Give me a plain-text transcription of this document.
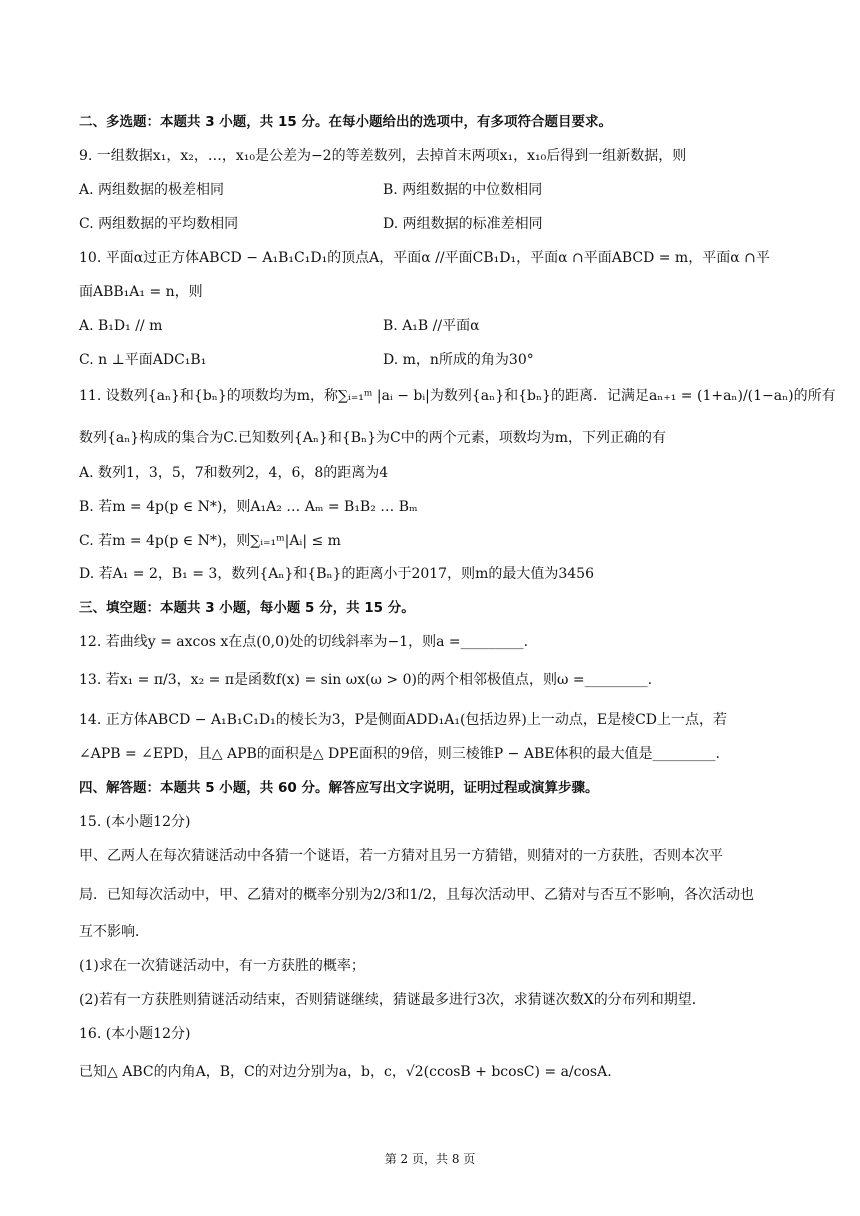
二、多选题：本题共 3 小题，共 15 分。在每小题给出的选项中，有多项符合题目要求。
9. 一组数据x₁，x₂，…，x₁₀是公差为−2的等差数列，去掉首末两项x₁，x₁₀后得到一组新数据，则
A. 两组数据的极差相同	B. 两组数据的中位数相同
C. 两组数据的平均数相同	D. 两组数据的标准差相同
10. 平面α过正方体ABCD − A₁B₁C₁D₁的顶点A，平面α //平面CB₁D₁，平面α ∩平面ABCD = m，平面α ∩平
面ABB₁A₁ = n，则
A. B₁D₁ // m	B. A₁B //平面α
C. n ⊥平面ADC₁B₁	D. m，n所成的角为30°
11. 设数列{aₙ}和{bₙ}的项数均为m，称∑ᵢ₌₁ᵐ |aᵢ − bᵢ|为数列{aₙ}和{bₙ}的距离．记满足aₙ₊₁ = (1+aₙ)/(1−aₙ)的所有
数列{aₙ}构成的集合为C.已知数列{Aₙ}和{Bₙ}为C中的两个元素，项数均为m，下列正确的有
A. 数列1，3，5，7和数列2，4，6，8的距离为4
B. 若m = 4p(p ∈ N*)，则A₁A₂ … Aₘ = B₁B₂ … Bₘ
C. 若m = 4p(p ∈ N*)，则∑ᵢ₌₁ᵐ|Aᵢ| ≤ m
D. 若A₁ = 2，B₁ = 3，数列{Aₙ}和{Bₙ}的距离小于2017，则m的最大值为3456
三、填空题：本题共 3 小题，每小题 5 分，共 15 分。
12. 若曲线y = axcos x在点(0,0)处的切线斜率为−1，则a =_________.
13. 若x₁ = π/3，x₂ = π是函数f(x) = sin ωx(ω > 0)的两个相邻极值点，则ω =_________.
14. 正方体ABCD − A₁B₁C₁D₁的棱长为3，P是侧面ADD₁A₁(包括边界)上一动点，E是棱CD上一点，若
∠APB = ∠EPD，且△ APB的面积是△ DPE面积的9倍，则三棱锥P − ABE体积的最大值是_________.
四、解答题：本题共 5 小题，共 60 分。解答应写出文字说明，证明过程或演算步骤。
15. (本小题12分)
甲、乙两人在每次猜谜活动中各猜一个谜语，若一方猜对且另一方猜错，则猜对的一方获胜，否则本次平
局．已知每次活动中，甲、乙猜对的概率分别为2/3和1/2，且每次活动甲、乙猜对与否互不影响，各次活动也
互不影响．
(1)求在一次猜谜活动中，有一方获胜的概率；
(2)若有一方获胜则猜谜活动结束，否则猜谜继续，猜谜最多进行3次，求猜谜次数X的分布列和期望．
16. (本小题12分)
已知△ ABC的内角A，B，C的对边分别为a，b，c，√2(ccosB + bcosC) = a/cosA.
第 2 页，共 8 页
